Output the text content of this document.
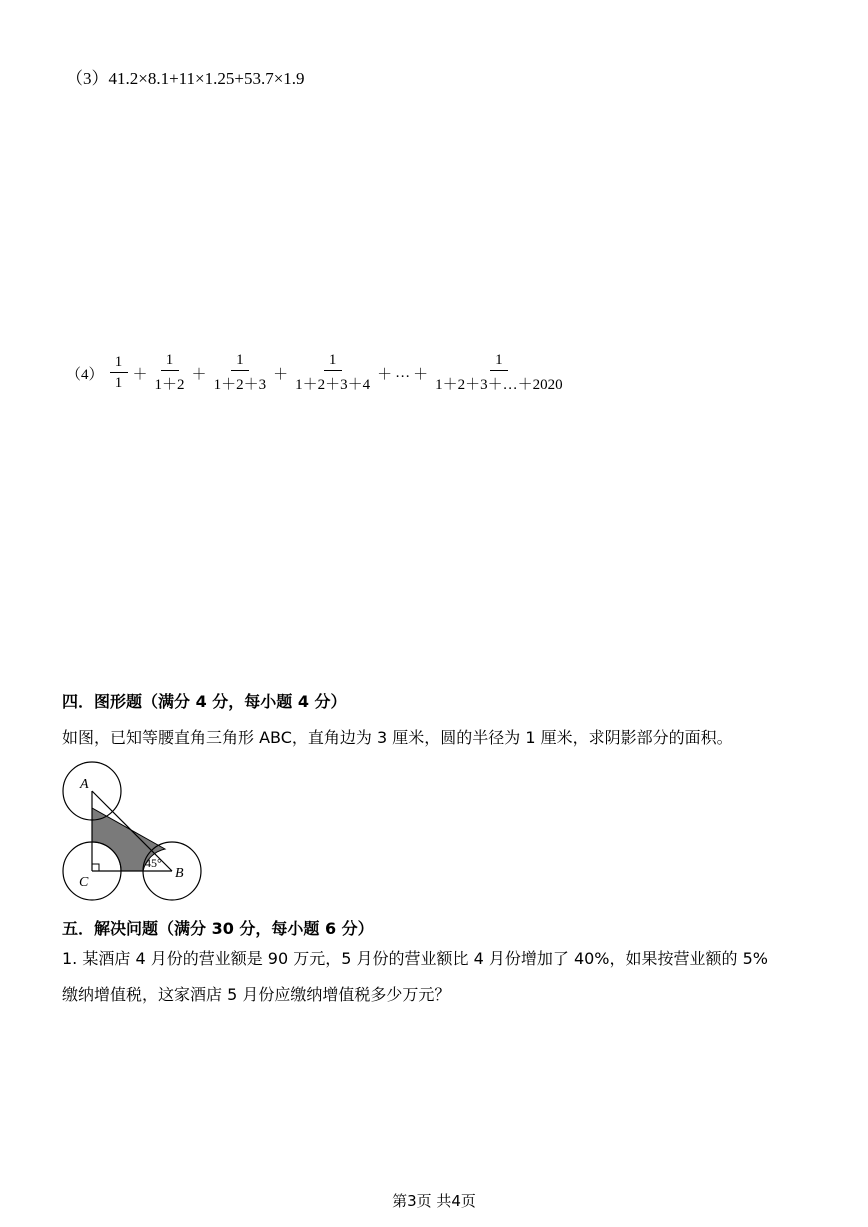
（3）41.2×8.1+11×1.25+53.7×1.9
$(4) \frac{1}{1} + \frac{1}{1+2} + \frac{1}{1+2+3} + \frac{1}{1+2+3+4}$ ＋ … ＋ $\frac{1}{1+2+3+\dots+2020}$
四．图形题（满分 4 分，每小题 4 分）
如图，已知等腰直角三角形 ABC，直角边为 3 厘米，圆的半径为 1 厘米，求阴影部分的面积。
A
C
B
45°
五．解决问题（满分 30 分，每小题 6 分）
1. 某酒店 4 月份的营业额是 90 万元，5 月份的营业额比 4 月份增加了 40%，如果按营业额的 5%
缴纳增值税，这家酒店 5 月份应缴纳增值税多少万元？
第3页 共4页
